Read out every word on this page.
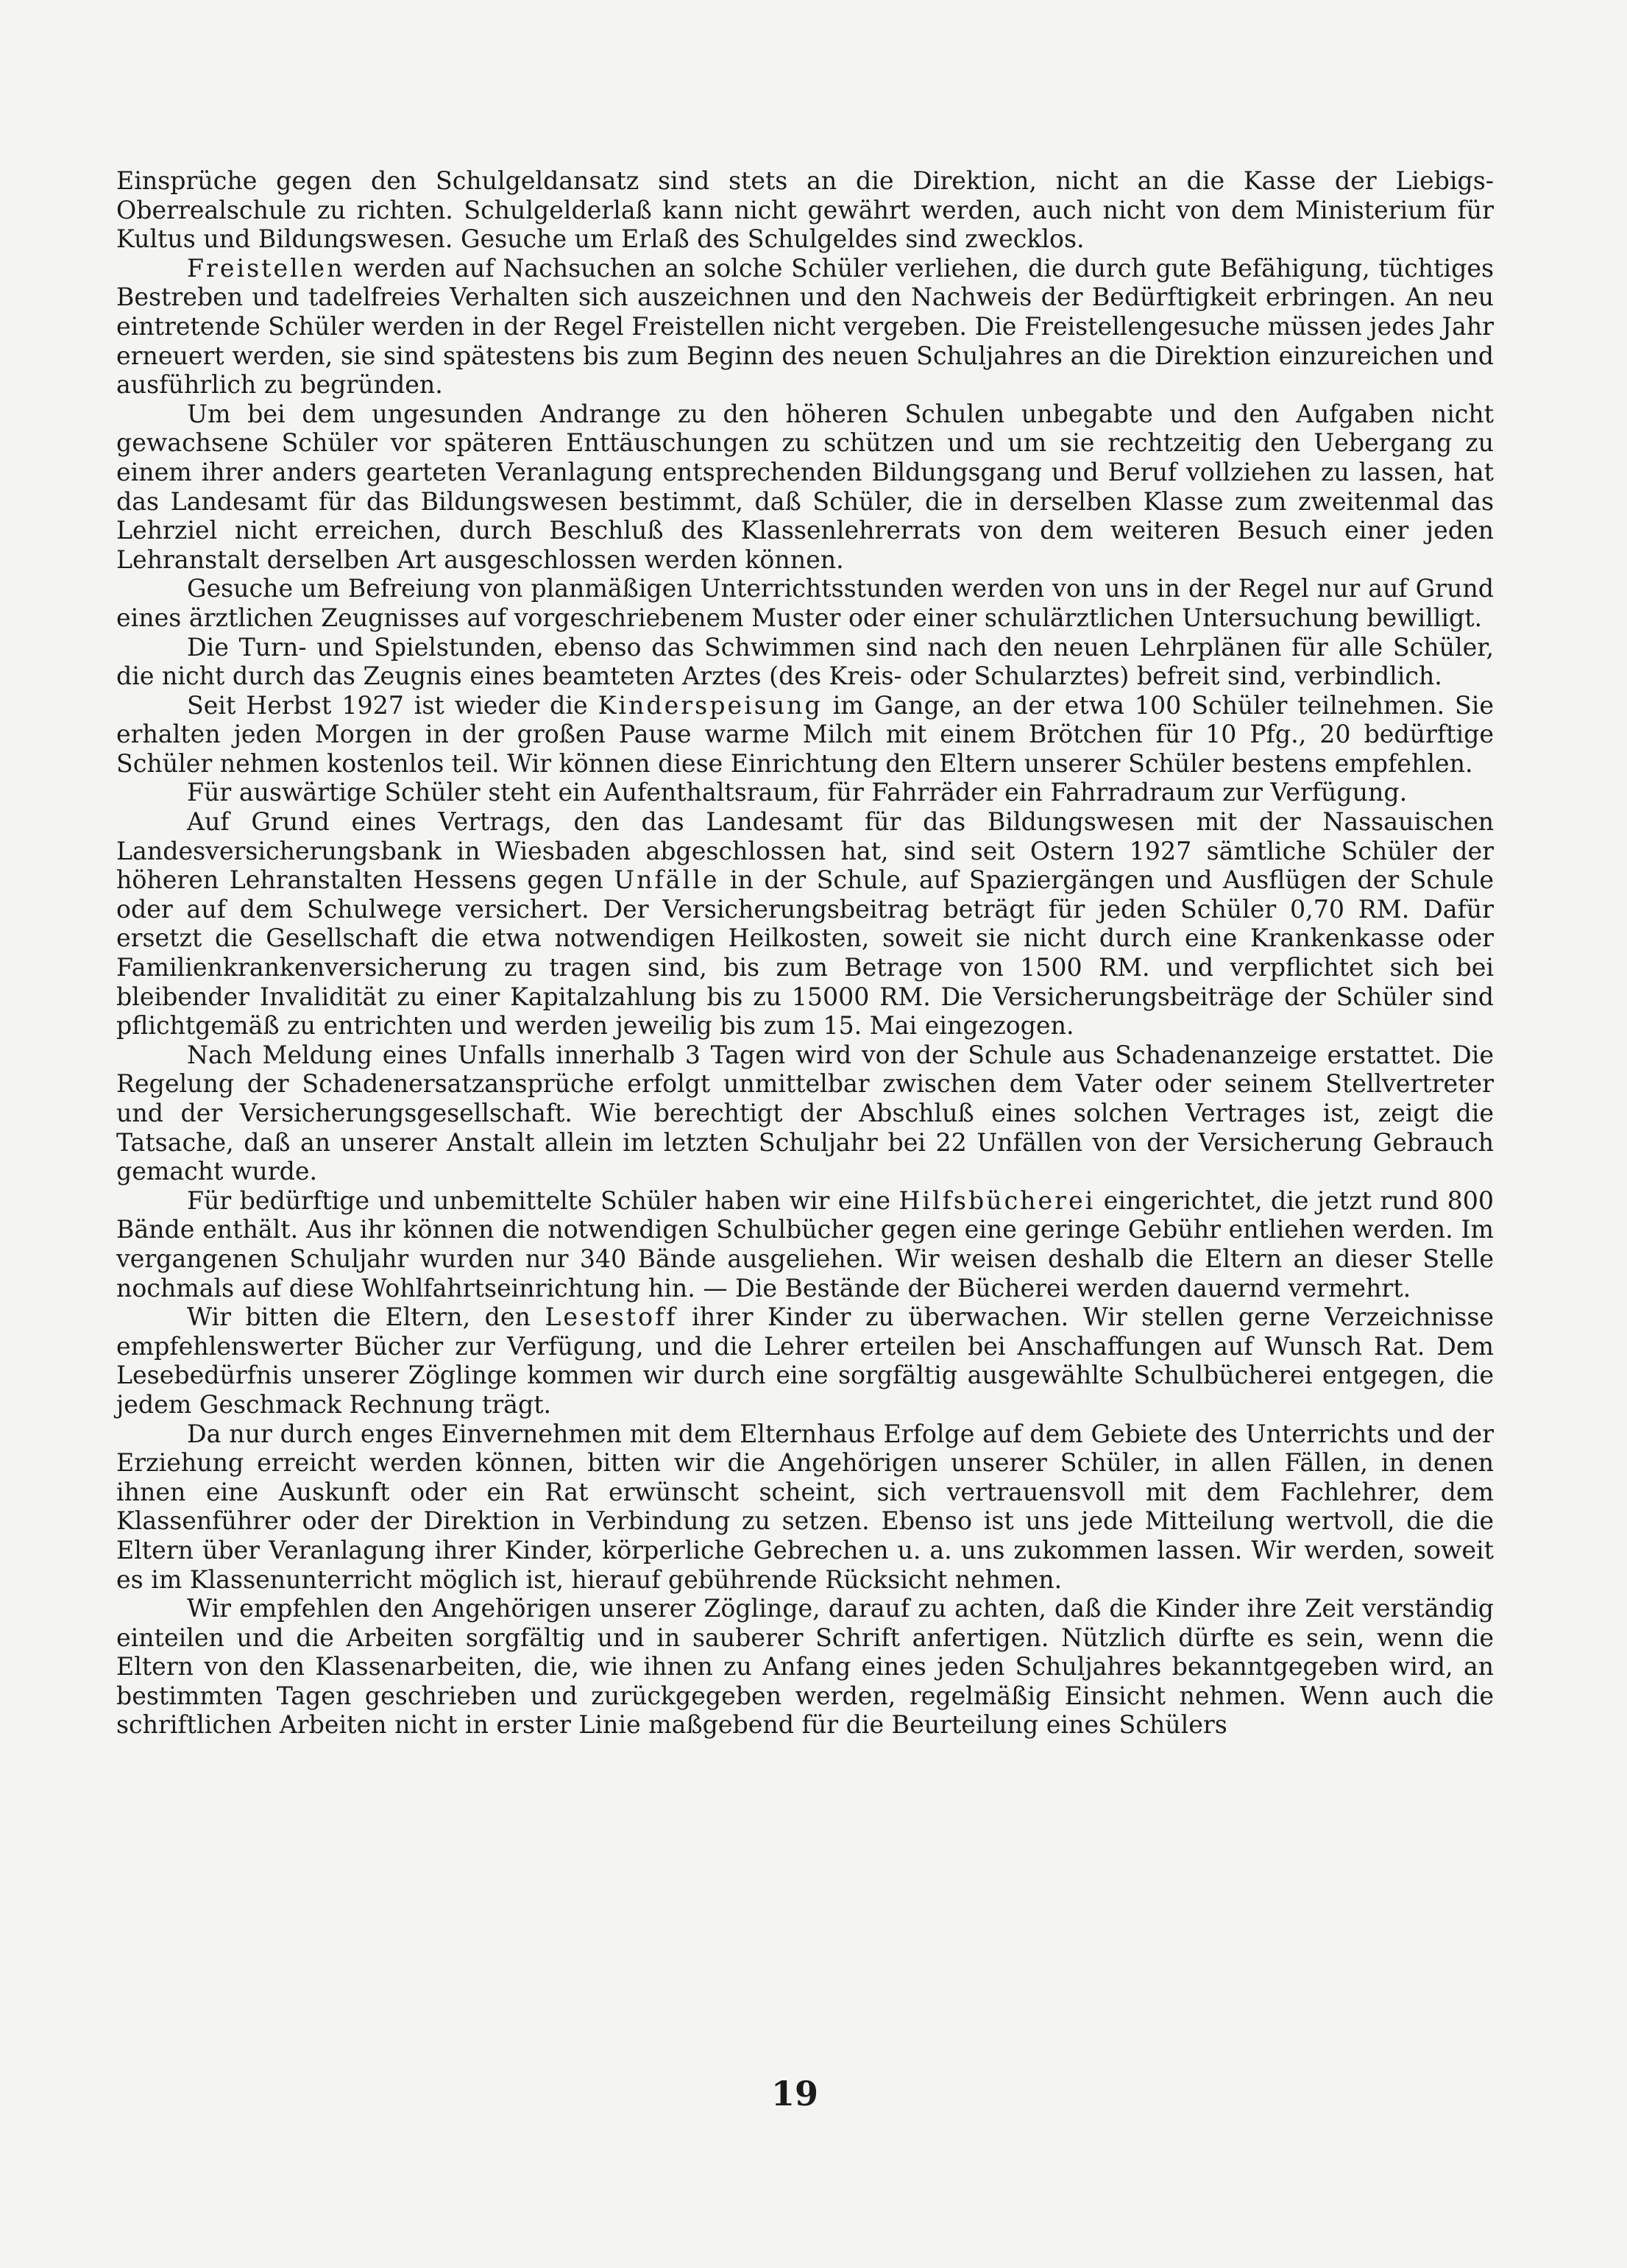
Einsprüche gegen den Schulgeldansatz sind stets an die Direktion, nicht an die Kasse der Liebigs-Oberrealschule zu richten. Schulgelderlaß kann nicht gewährt werden, auch nicht von dem Ministerium für Kultus und Bildungswesen. Gesuche um Erlaß des Schulgeldes sind zwecklos.

Freistellen werden auf Nachsuchen an solche Schüler verliehen, die durch gute Befähigung, tüchtiges Bestreben und tadelfreies Verhalten sich auszeichnen und den Nachweis der Bedürftigkeit erbringen. An neu eintretende Schüler werden in der Regel Freistellen nicht vergeben. Die Freistellengesuche müssen jedes Jahr erneuert werden, sie sind spätestens bis zum Beginn des neuen Schuljahres an die Direktion einzureichen und ausführlich zu begründen.

Um bei dem ungesunden Andrange zu den höheren Schulen unbegabte und den Aufgaben nicht gewachsene Schüler vor späteren Enttäuschungen zu schützen und um sie rechtzeitig den Uebergang zu einem ihrer anders gearteten Veranlagung entsprechenden Bildungsgang und Beruf vollziehen zu lassen, hat das Landesamt für das Bildungswesen bestimmt, daß Schüler, die in derselben Klasse zum zweitenmal das Lehrziel nicht erreichen, durch Beschluß des Klassenlehrerrats von dem weiteren Besuch einer jeden Lehranstalt derselben Art ausgeschlossen werden können.

Gesuche um Befreiung von planmäßigen Unterrichtsstunden werden von uns in der Regel nur auf Grund eines ärztlichen Zeugnisses auf vorgeschriebenem Muster oder einer schulärztlichen Untersuchung bewilligt.

Die Turn- und Spielstunden, ebenso das Schwimmen sind nach den neuen Lehrplänen für alle Schüler, die nicht durch das Zeugnis eines beamteten Arztes (des Kreis- oder Schularztes) befreit sind, verbindlich.

Seit Herbst 1927 ist wieder die Kinderspeisung im Gange, an der etwa 100 Schüler teilnehmen. Sie erhalten jeden Morgen in der großen Pause warme Milch mit einem Brötchen für 10 Pfg., 20 bedürftige Schüler nehmen kostenlos teil. Wir können diese Einrichtung den Eltern unserer Schüler bestens empfehlen.

Für auswärtige Schüler steht ein Aufenthaltsraum, für Fahrräder ein Fahrradraum zur Verfügung.

Auf Grund eines Vertrags, den das Landesamt für das Bildungswesen mit der Nassauischen Landesversicherungsbank in Wiesbaden abgeschlossen hat, sind seit Ostern 1927 sämtliche Schüler der höheren Lehranstalten Hessens gegen Unfälle in der Schule, auf Spaziergängen und Ausflügen der Schule oder auf dem Schulwege versichert. Der Versicherungsbeitrag beträgt für jeden Schüler 0,70 RM. Dafür ersetzt die Gesellschaft die etwa notwendigen Heilkosten, soweit sie nicht durch eine Krankenkasse oder Familienkrankenversicherung zu tragen sind, bis zum Betrage von 1500 RM. und verpflichtet sich bei bleibender Invalidität zu einer Kapitalzahlung bis zu 15000 RM. Die Versicherungsbeiträge der Schüler sind pflichtgemäß zu entrichten und werden jeweilig bis zum 15. Mai eingezogen.

Nach Meldung eines Unfalls innerhalb 3 Tagen wird von der Schule aus Schadenanzeige erstattet. Die Regelung der Schadenersatzansprüche erfolgt unmittelbar zwischen dem Vater oder seinem Stellvertreter und der Versicherungsgesellschaft. Wie berechtigt der Abschluß eines solchen Vertrages ist, zeigt die Tatsache, daß an unserer Anstalt allein im letzten Schuljahr bei 22 Unfällen von der Versicherung Gebrauch gemacht wurde.

Für bedürftige und unbemittelte Schüler haben wir eine Hilfsbücherei eingerichtet, die jetzt rund 800 Bände enthält. Aus ihr können die notwendigen Schulbücher gegen eine geringe Gebühr entliehen werden. Im vergangenen Schuljahr wurden nur 340 Bände ausgeliehen. Wir weisen deshalb die Eltern an dieser Stelle nochmals auf diese Wohlfahrtseinrichtung hin. — Die Bestände der Bücherei werden dauernd vermehrt.

Wir bitten die Eltern, den Lesestoff ihrer Kinder zu überwachen. Wir stellen gerne Verzeichnisse empfehlenswerter Bücher zur Verfügung, und die Lehrer erteilen bei Anschaffungen auf Wunsch Rat. Dem Lesebedürfnis unserer Zöglinge kommen wir durch eine sorgfältig ausgewählte Schulbücherei entgegen, die jedem Geschmack Rechnung trägt.

Da nur durch enges Einvernehmen mit dem Elternhaus Erfolge auf dem Gebiete des Unterrichts und der Erziehung erreicht werden können, bitten wir die Angehörigen unserer Schüler, in allen Fällen, in denen ihnen eine Auskunft oder ein Rat erwünscht scheint, sich vertrauensvoll mit dem Fachlehrer, dem Klassenführer oder der Direktion in Verbindung zu setzen. Ebenso ist uns jede Mitteilung wertvoll, die die Eltern über Veranlagung ihrer Kinder, körperliche Gebrechen u. a. uns zukommen lassen. Wir werden, soweit es im Klassenunterricht möglich ist, hierauf gebührende Rücksicht nehmen.

Wir empfehlen den Angehörigen unserer Zöglinge, darauf zu achten, daß die Kinder ihre Zeit verständig einteilen und die Arbeiten sorgfältig und in sauberer Schrift anfertigen. Nützlich dürfte es sein, wenn die Eltern von den Klassenarbeiten, die, wie ihnen zu Anfang eines jeden Schuljahres bekanntgegeben wird, an bestimmten Tagen geschrieben und zurückgegeben werden, regelmäßig Einsicht nehmen. Wenn auch die schriftlichen Arbeiten nicht in erster Linie maßgebend für die Beurteilung eines Schülers

19
